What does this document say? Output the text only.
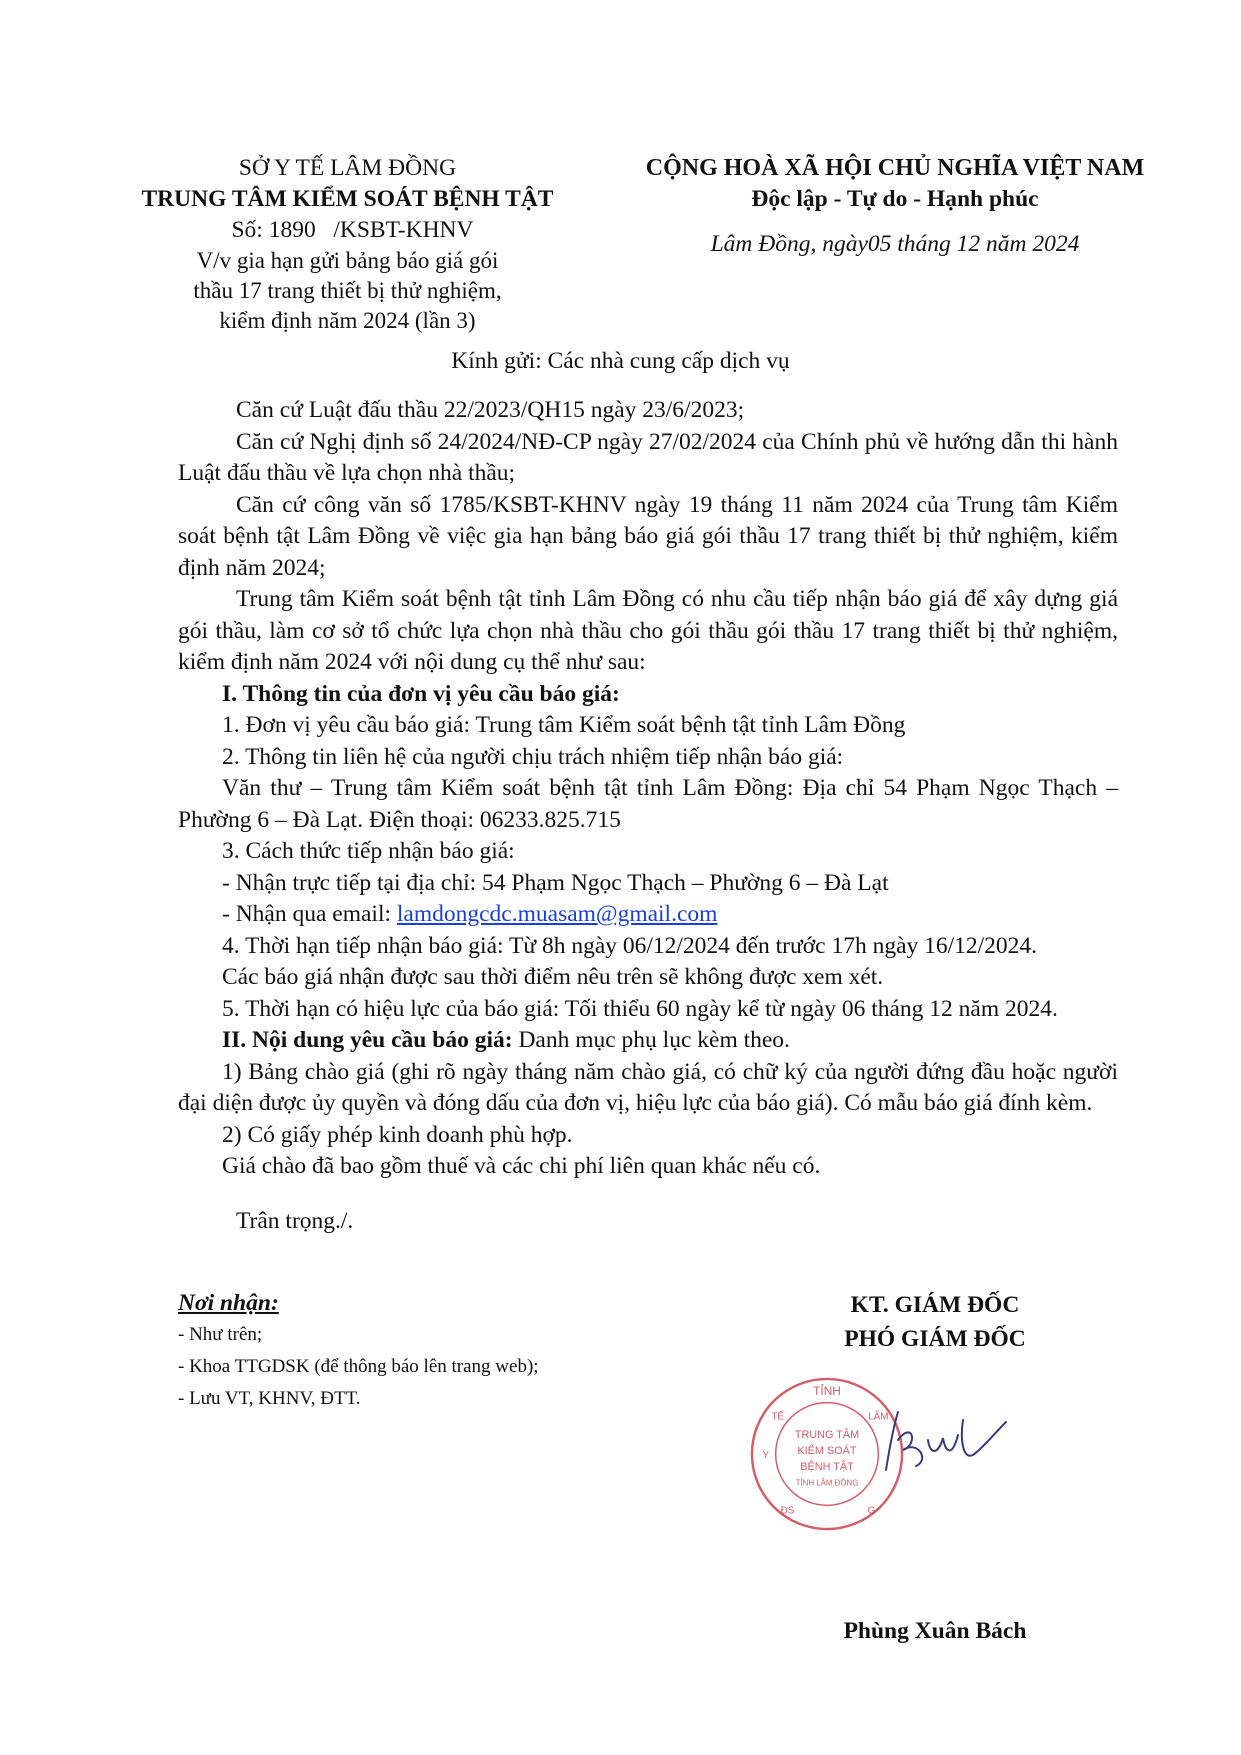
SỞ Y TẾ LÂM ĐỒNG
TRUNG TÂM KIỂM SOÁT BỆNH TẬT
Số: 1890 /KSBT-KHNV
V/v gia hạn gửi bảng báo giá gói
thầu 17 trang thiết bị thử nghiệm,
kiểm định năm 2024 (lần 3)
CỘNG HOÀ XÃ HỘI CHỦ NGHĨA VIỆT NAM
Độc lập - Tự do - Hạnh phúc
Lâm Đồng, ngày05 tháng 12 năm 2024
Kính gửi: Các nhà cung cấp dịch vụ

Căn cứ Luật đấu thầu 22/2023/QH15 ngày 23/6/2023;

Căn cứ Nghị định số 24/2024/NĐ-CP ngày 27/02/2024 của Chính phủ về hướng dẫn thi hành Luật đấu thầu về lựa chọn nhà thầu;

Căn cứ công văn số 1785/KSBT-KHNV ngày 19 tháng 11 năm 2024 của Trung tâm Kiểm soát bệnh tật Lâm Đồng về việc gia hạn bảng báo giá gói thầu 17 trang thiết bị thử nghiệm, kiểm định năm 2024;

Trung tâm Kiểm soát bệnh tật tỉnh Lâm Đồng có nhu cầu tiếp nhận báo giá để xây dựng giá gói thầu, làm cơ sở tổ chức lựa chọn nhà thầu cho gói thầu gói thầu 17 trang thiết bị thử nghiệm, kiểm định năm 2024 với nội dung cụ thể như sau:

I. Thông tin của đơn vị yêu cầu báo giá:

1. Đơn vị yêu cầu báo giá: Trung tâm Kiểm soát bệnh tật tỉnh Lâm Đồng

2. Thông tin liên hệ của người chịu trách nhiệm tiếp nhận báo giá:

Văn thư – Trung tâm Kiểm soát bệnh tật tỉnh Lâm Đồng: Địa chỉ 54 Phạm Ngọc Thạch – Phường 6 – Đà Lạt. Điện thoại: 06233.825.715

3. Cách thức tiếp nhận báo giá:

- Nhận trực tiếp tại địa chỉ: 54 Phạm Ngọc Thạch – Phường 6 – Đà Lạt

- Nhận qua email: lamdongcdc.muasam@gmail.com

4. Thời hạn tiếp nhận báo giá: Từ 8h ngày 06/12/2024 đến trước 17h ngày 16/12/2024.

Các báo giá nhận được sau thời điểm nêu trên sẽ không được xem xét.

5. Thời hạn có hiệu lực của báo giá: Tối thiểu 60 ngày kể từ ngày 06 tháng 12 năm 2024.

II. Nội dung yêu cầu báo giá: Danh mục phụ lục kèm theo.

1) Bảng chào giá (ghi rõ ngày tháng năm chào giá, có chữ ký của người đứng đầu hoặc người đại diện được ủy quyền và đóng dấu của đơn vị, hiệu lực của báo giá). Có mẫu báo giá đính kèm.

2) Có giấy phép kinh doanh phù hợp.

Giá chào đã bao gồm thuế và các chi phí liên quan khác nếu có.

Trân trọng./.

Nơi nhận:
- Như trên;
- Khoa TTGDSK (để thông báo lên trang web);
- Lưu VT, KHNV, ĐTT.
KT. GIÁM ĐỐC
PHÓ GIÁM ĐỐC
TỈNH
TRUNG TÂM
KIỂM SOÁT
BỆNH TẬT
TỈNH LÂM ĐỒNG
Y
TẾ	LÂM
ĐS	G
Phùng Xuân Bách
